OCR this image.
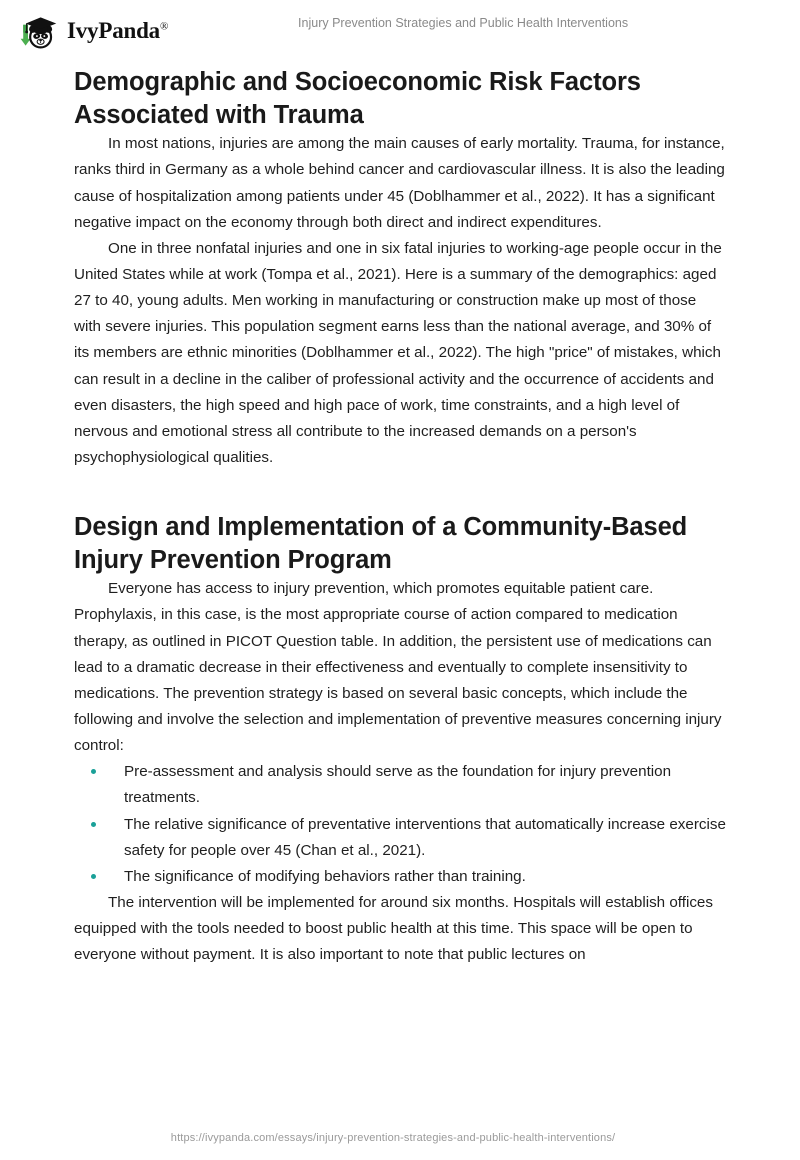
IvyPanda®	Injury Prevention Strategies and Public Health Interventions
Demographic and Socioeconomic Risk Factors Associated with Trauma

In most nations, injuries are among the main causes of early mortality. Trauma, for instance, ranks third in Germany as a whole behind cancer and cardiovascular illness. It is also the leading cause of hospitalization among patients under 45 (Doblhammer et al., 2022). It has a significant negative impact on the economy through both direct and indirect expenditures.

One in three nonfatal injuries and one in six fatal injuries to working-age people occur in the United States while at work (Tompa et al., 2021). Here is a summary of the demographics: aged 27 to 40, young adults. Men working in manufacturing or construction make up most of those with severe injuries. This population segment earns less than the national average, and 30% of its members are ethnic minorities (Doblhammer et al., 2022). The high "price" of mistakes, which can result in a decline in the caliber of professional activity and the occurrence of accidents and even disasters, the high speed and high pace of work, time constraints, and a high level of nervous and emotional stress all contribute to the increased demands on a person's psychophysiological qualities.

Design and Implementation of a Community-Based Injury Prevention Program

Everyone has access to injury prevention, which promotes equitable patient care. Prophylaxis, in this case, is the most appropriate course of action compared to medication therapy, as outlined in PICOT Question table. In addition, the persistent use of medications can lead to a dramatic decrease in their effectiveness and eventually to complete insensitivity to medications. The prevention strategy is based on several basic concepts, which include the following and involve the selection and implementation of preventive measures concerning injury control:

Pre-assessment and analysis should serve as the foundation for injury prevention treatments.
The relative significance of preventative interventions that automatically increase exercise safety for people over 45 (Chan et al., 2021).
The significance of modifying behaviors rather than training.

The intervention will be implemented for around six months. Hospitals will establish offices equipped with the tools needed to boost public health at this time. This space will be open to everyone without payment. It is also important to note that public lectures on

https://ivypanda.com/essays/injury-prevention-strategies-and-public-health-interventions/
